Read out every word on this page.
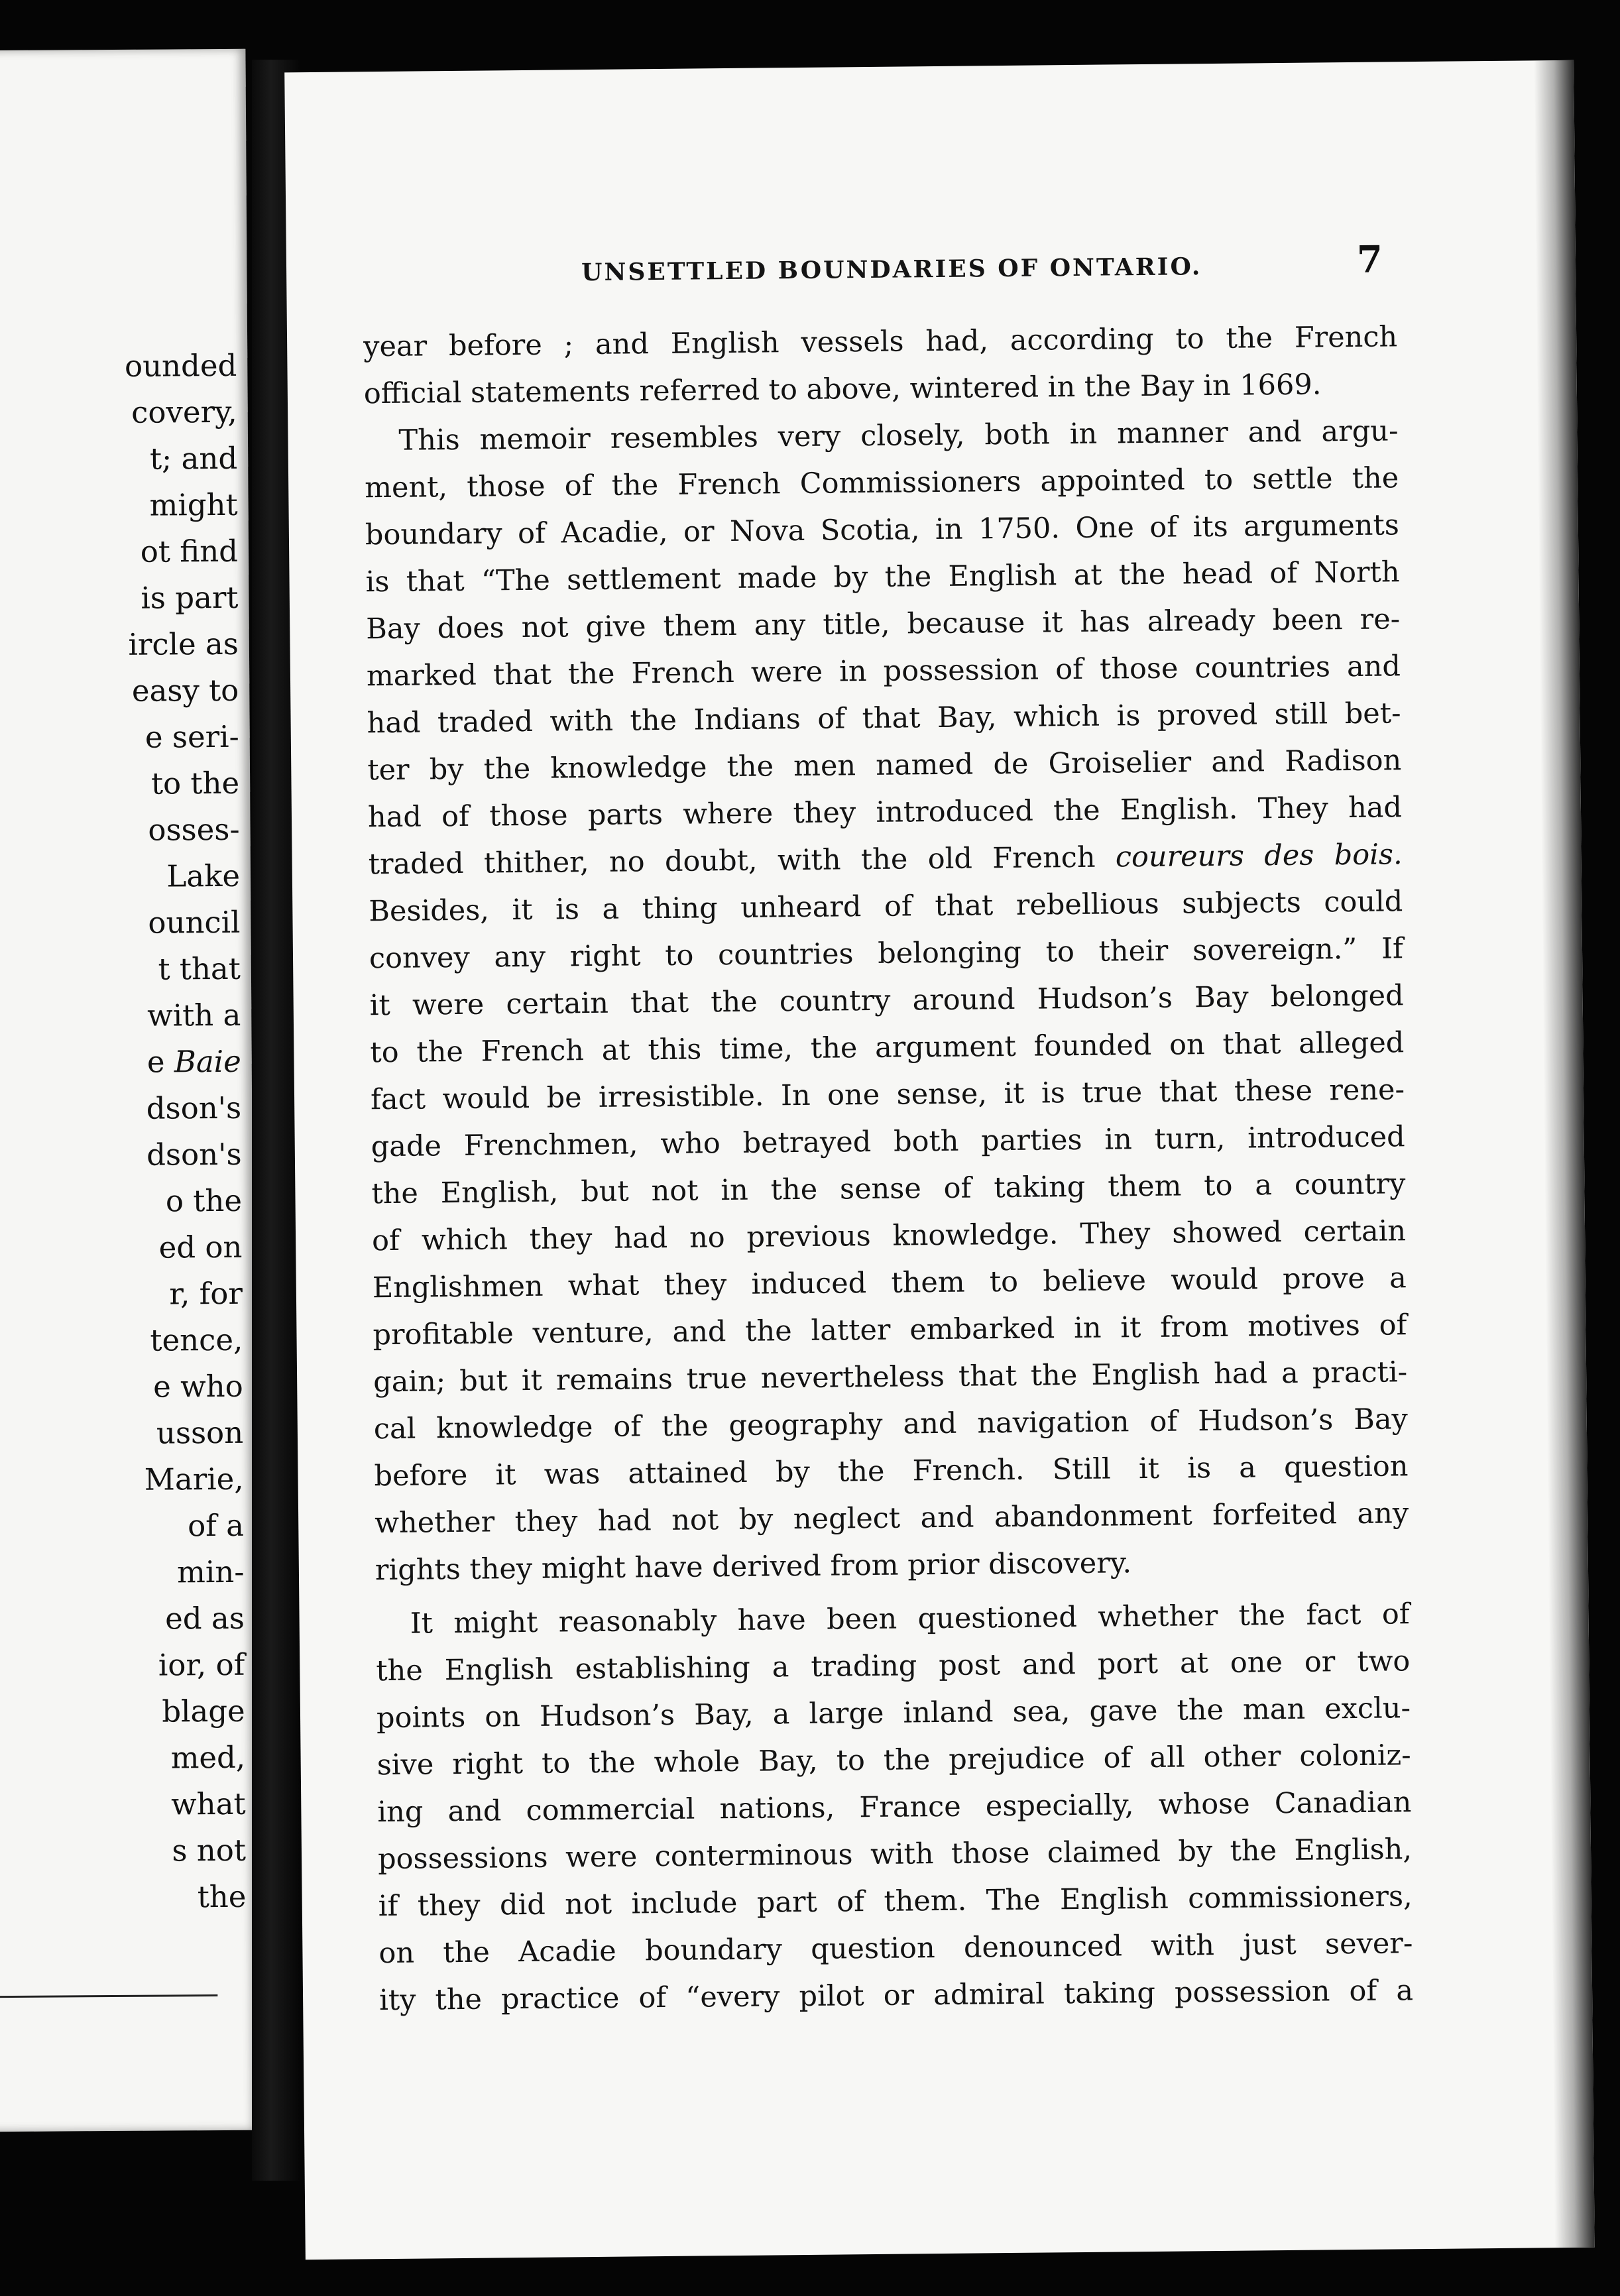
ounded
covery,
t; and
might
ot find
is part
ircle as
easy to
e seri-
to the
osses-
Lake
ouncil
t that
with a
e Baie
dson's
dson's
o the
ed on
r, for
tence,
e who
usson
Marie,
of a
min-
ed as
ior, of
blage
med,
what
s not
the
UNSETTLED BOUNDARIES OF ONTARIO.	7
year before ; and English vessels had, according to the French
official statements referred to above, wintered in the Bay in 1669.
This memoir resembles very closely, both in manner and argu-
ment, those of the French Commissioners appointed to settle the
boundary of Acadie, or Nova Scotia, in 1750. One of its arguments
is that “The settlement made by the English at the head of North
Bay does not give them any title, because it has already been re-
marked that the French were in possession of those countries and
had traded with the Indians of that Bay, which is proved still bet-
ter by the knowledge the men named de Groiselier and Radison
had of those parts where they introduced the English. They had
traded thither, no doubt, with the old French coureurs des bois.
Besides, it is a thing unheard of that rebellious subjects could
convey any right to countries belonging to their sovereign.” If
it were certain that the country around Hudson’s Bay belonged
to the French at this time, the argument founded on that alleged
fact would be irresistible. In one sense, it is true that these rene-
gade Frenchmen, who betrayed both parties in turn, introduced
the English, but not in the sense of taking them to a country
of which they had no previous knowledge. They showed certain
Englishmen what they induced them to believe would prove a
profitable venture, and the latter embarked in it from motives of
gain; but it remains true nevertheless that the English had a practi-
cal knowledge of the geography and navigation of Hudson’s Bay
before it was attained by the French. Still it is a question
whether they had not by neglect and abandonment forfeited any
rights they might have derived from prior discovery.
It might reasonably have been questioned whether the fact of
the English establishing a trading post and port at one or two
points on Hudson’s Bay, a large inland sea, gave the man exclu-
sive right to the whole Bay, to the prejudice of all other coloniz-
ing and commercial nations, France especially, whose Canadian
possessions were conterminous with those claimed by the English,
if they did not include part of them. The English commissioners,
on the Acadie boundary question denounced with just sever-
ity the practice of “every pilot or admiral taking possession of a
